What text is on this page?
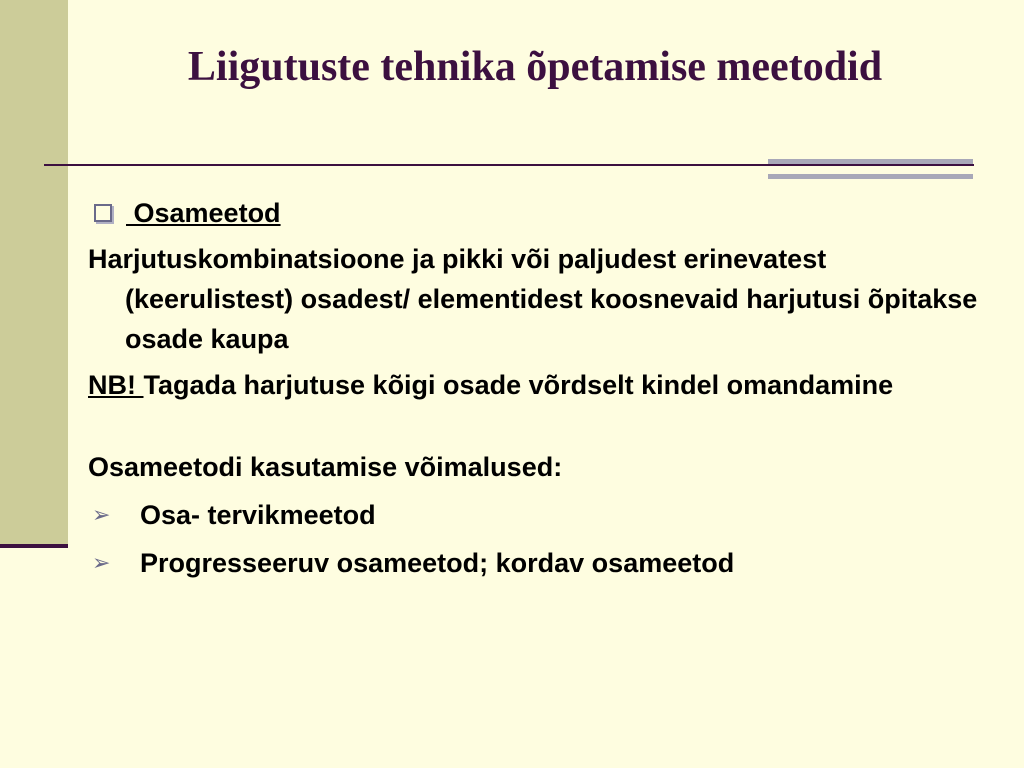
Liigutuste tehnika õpetamise meetodid
Osameetod
Harjutuskombinatsioone ja pikki või paljudest erinevatest (keerulistest) osadest/ elementidest koosnevaid harjutusi õpitakse osade kaupa
NB! Tagada harjutuse kõigi osade võrdselt kindel omandamine
Osameetodi kasutamise võimalused:
➢	Osa- tervikmeetod
➢	Progresseeruv osameetod; kordav osameetod
